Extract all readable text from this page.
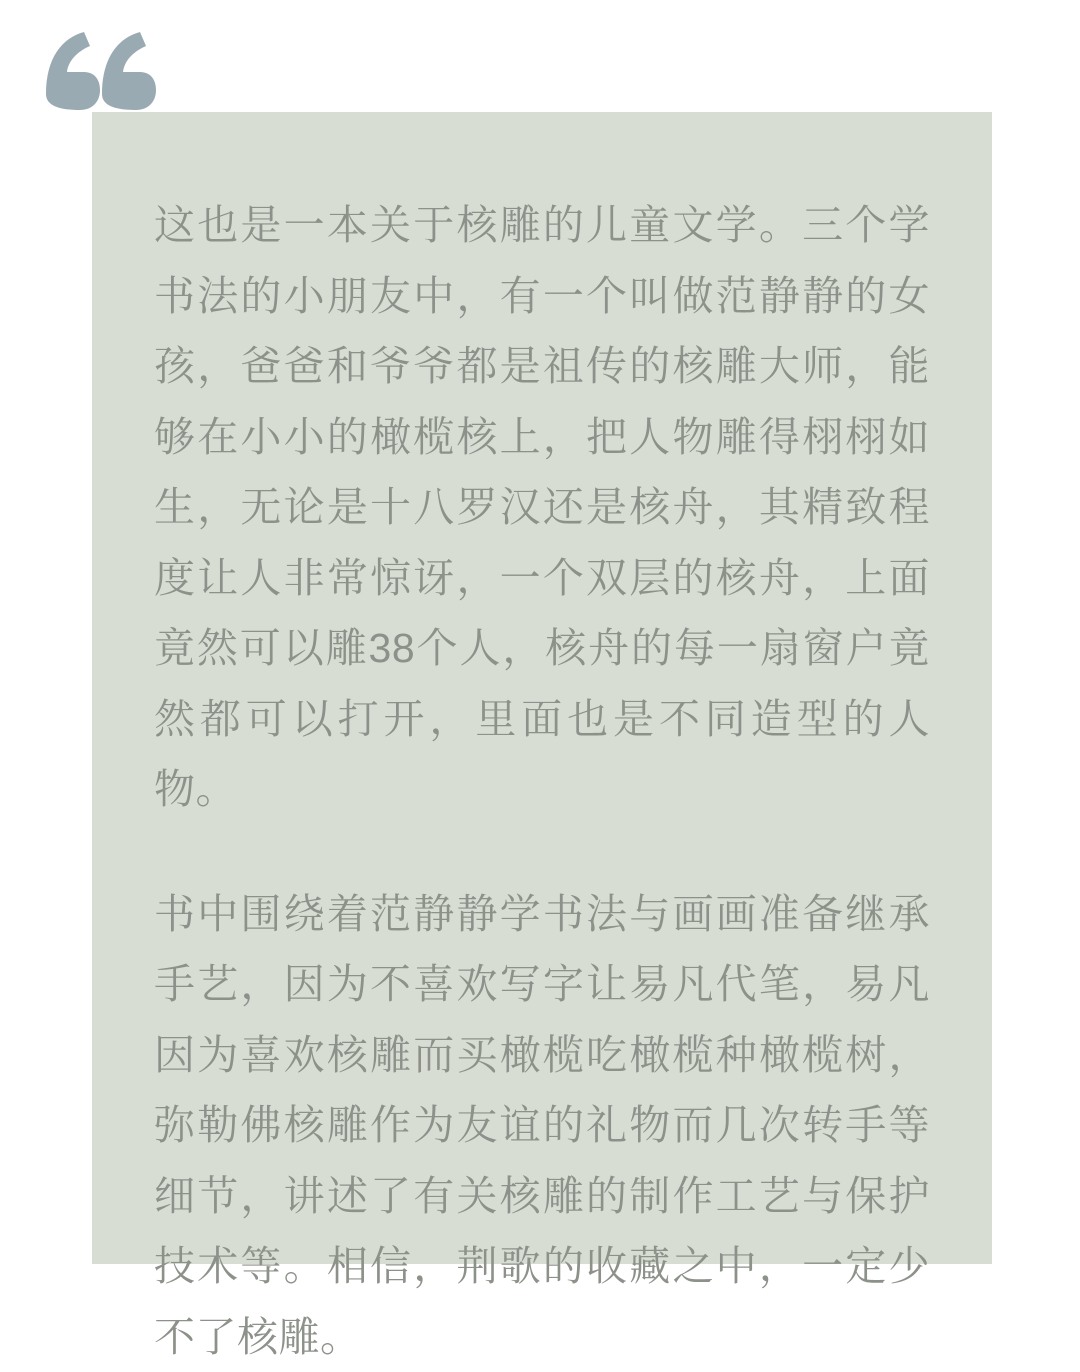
这也是一本关于核雕的儿童文学。三个学书法的小朋友中，有一个叫做范静静的女孩，爸爸和爷爷都是祖传的核雕大师，能够在小小的橄榄核上，把人物雕得栩栩如生，无论是十八罗汉还是核舟，其精致程度让人非常惊讶，一个双层的核舟，上面竟然可以雕38个人，核舟的每一扇窗户竟然都可以打开，里面也是不同造型的人物。

书中围绕着范静静学书法与画画准备继承手艺，因为不喜欢写字让易凡代笔，易凡因为喜欢核雕而买橄榄吃橄榄种橄榄树，弥勒佛核雕作为友谊的礼物而几次转手等细节，讲述了有关核雕的制作工艺与保护技术等。相信，荆歌的收藏之中，一定少不了核雕。
